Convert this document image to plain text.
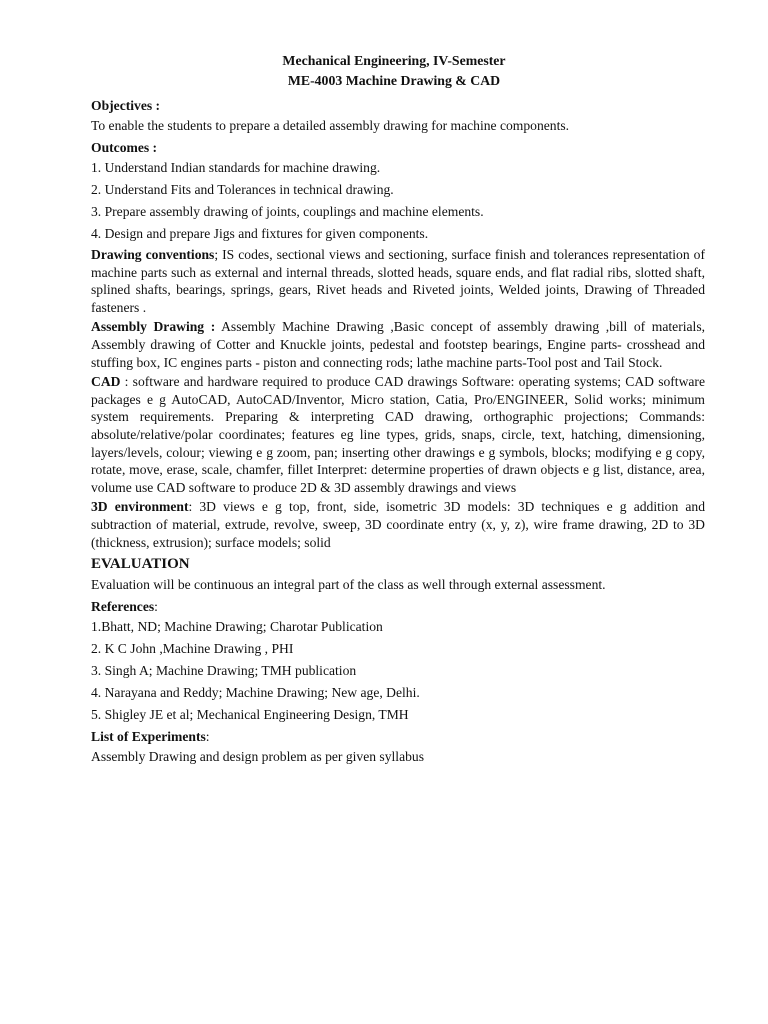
Mechanical Engineering, IV-Semester
ME-4003 Machine Drawing & CAD
Objectives :
To enable the students to prepare a detailed assembly drawing for machine components.
Outcomes :
1. Understand Indian standards for machine drawing.
2. Understand Fits and Tolerances in technical drawing.
3. Prepare assembly drawing of joints, couplings and machine elements.
4. Design and prepare Jigs and fixtures for given components.

Drawing conventions; IS codes, sectional views and sectioning, surface finish and tolerances representation of machine parts such as external and internal threads, slotted heads, square ends, and flat radial ribs, slotted shaft, splined shafts, bearings, springs, gears, Rivet heads and Riveted joints, Welded joints, Drawing of Threaded fasteners .

Assembly Drawing : Assembly Machine Drawing ,Basic concept of assembly drawing ,bill of materials, Assembly drawing of Cotter and Knuckle joints, pedestal and footstep bearings, Engine parts- crosshead and stuffing box, IC engines parts - piston and connecting rods; lathe machine parts-Tool post and Tail Stock.

CAD : software and hardware required to produce CAD drawings Software: operating systems; CAD software packages e g AutoCAD, AutoCAD/Inventor, Micro station, Catia, Pro/ENGINEER, Solid works; minimum system requirements. Preparing & interpreting CAD drawing, orthographic projections; Commands: absolute/relative/polar coordinates; features eg line types, grids, snaps, circle, text, hatching, dimensioning, layers/levels, colour; viewing e g zoom, pan; inserting other drawings e g symbols, blocks; modifying e g copy, rotate, move, erase, scale, chamfer, fillet Interpret: determine properties of drawn objects e g list, distance, area, volume use CAD software to produce 2D & 3D assembly drawings and views

3D environment: 3D views e g top, front, side, isometric 3D models: 3D techniques e g addition and subtraction of material, extrude, revolve, sweep, 3D coordinate entry (x, y, z), wire frame drawing, 2D to 3D (thickness, extrusion); surface models; solid

EVALUATION
Evaluation will be continuous an integral part of the class as well through external assessment.
References:
1.Bhatt, ND; Machine Drawing; Charotar Publication
2. K C John ,Machine Drawing , PHI
3. Singh A; Machine Drawing; TMH publication
4. Narayana and Reddy; Machine Drawing; New age, Delhi.
5. Shigley JE et al; Mechanical Engineering Design, TMH
List of Experiments:
Assembly Drawing and design problem as per given syllabus
